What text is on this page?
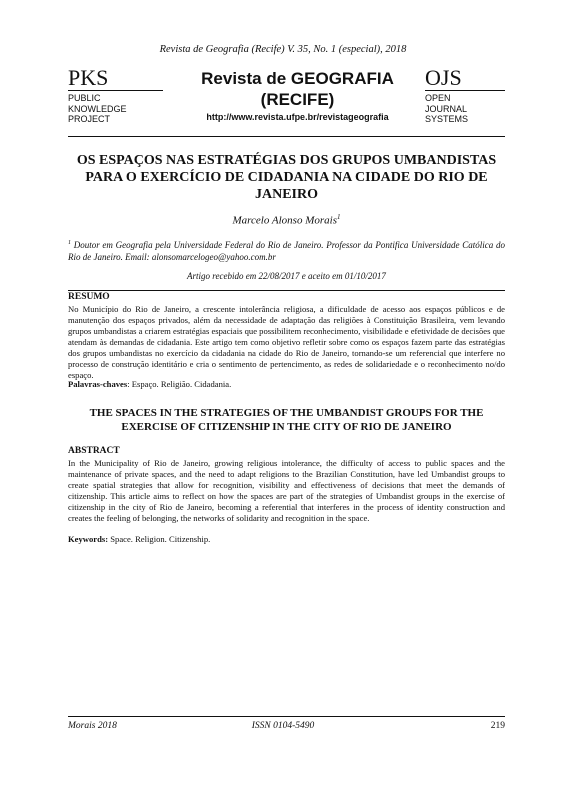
Revista de Geografia (Recife) V. 35, No. 1 (especial), 2018
PKS
PUBLIC
KNOWLEDGE
PROJECT
Revista de GEOGRAFIA
(RECIFE)
http://www.revista.ufpe.br/revistageografia
OJS
OPEN
JOURNAL
SYSTEMS
OS ESPAÇOS NAS ESTRATÉGIAS DOS GRUPOS UMBANDISTAS PARA O EXERCÍCIO DE CIDADANIA NA CIDADE DO RIO DE JANEIRO
Marcelo Alonso Morais$^1$
$^1$ Doutor em Geografia pela Universidade Federal do Rio de Janeiro. Professor da Pontifica Universidade Católica do Rio de Janeiro. Email: alonsomarcelogeo@yahoo.com.br
Artigo recebido em 22/08/2017 e aceito em 01/10/2017
RESUMO
No Município do Rio de Janeiro, a crescente intolerância religiosa, a dificuldade de acesso aos espaços públicos e de manutenção dos espaços privados, além da necessidade de adaptação das religiões à Constituição Brasileira, vem levando grupos umbandistas a criarem estratégias espaciais que possibilitem reconhecimento, visibilidade e efetividade de decisões que atendam às demandas de cidadania. Este artigo tem como objetivo refletir sobre como os espaços fazem parte das estratégias dos grupos umbandistas no exercício da cidadania na cidade do Rio de Janeiro, tornando-se um referencial que interfere no processo de construção identitário e cria o sentimento de pertencimento, as redes de solidariedade e o reconhecimento no/do espaço.
Palavras-chaves: Espaço. Religião. Cidadania.
THE SPACES IN THE STRATEGIES OF THE UMBANDIST GROUPS FOR THE EXERCISE OF CITIZENSHIP IN THE CITY OF RIO DE JANEIRO
ABSTRACT
In the Municipality of Rio de Janeiro, growing religious intolerance, the difficulty of access to public spaces and the maintenance of private spaces, and the need to adapt religions to the Brazilian Constitution, have led Umbandist groups to create spatial strategies that allow for recognition, visibility and effectiveness of decisions that meet the demands of citizenship. This article aims to reflect on how the spaces are part of the strategies of Umbandist groups in the exercise of citizenship in the city of Rio de Janeiro, becoming a referential that interferes in the process of identity construction and creates the feeling of belonging, the networks of solidarity and recognition in the space.
Keywords: Space. Religion. Citizenship.
Morais 2018	ISSN 0104-5490	219
